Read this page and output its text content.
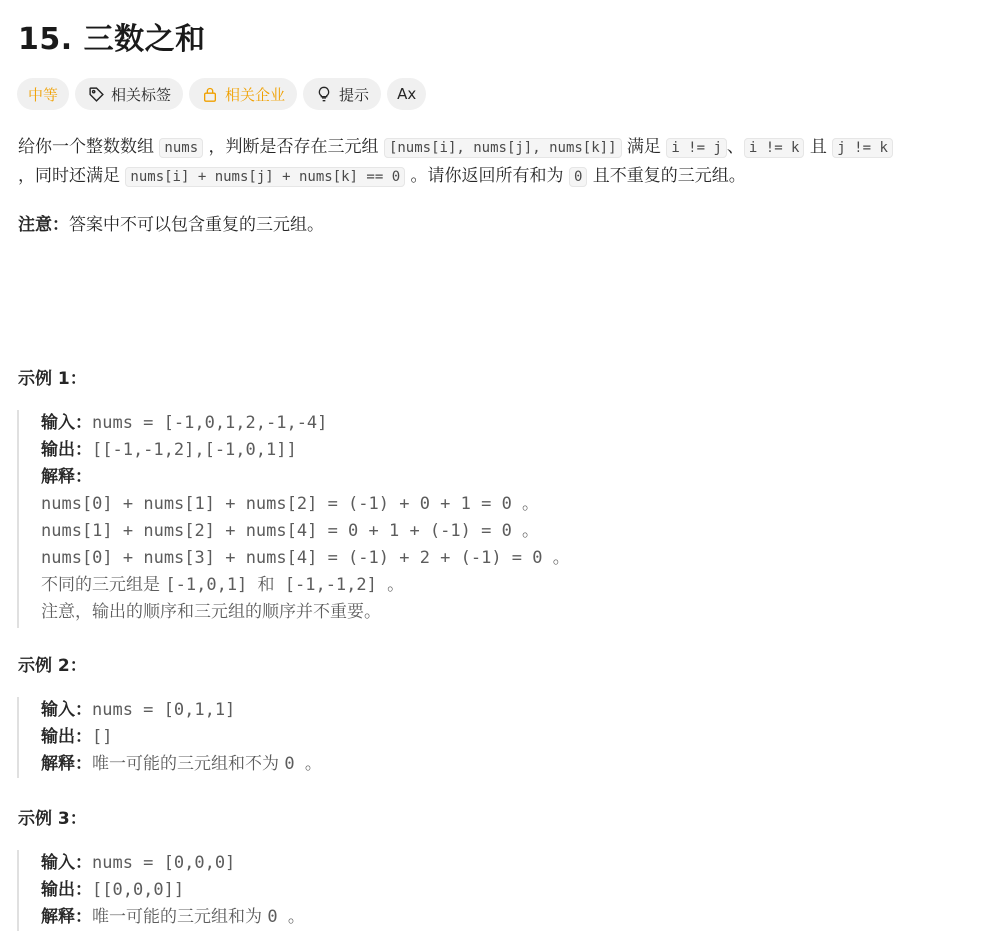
15. 三数之和
中等	相关标签	相关企业	提示 A​x
给你一个整数数组 nums ，判断是否存在三元组 [nums[i], nums[j], nums[k]] 满足 i != j 、 i != k 且 j != k
，同时还满足 nums[i] + nums[j] + nums[k] == 0 。请你返回所有和为 0 且不重复的三元组。
注意：答案中不可以包含重复的三元组。
示例 1：
输入：nums = [-1,0,1,2,-1,-4]
输出：[[-1,-1,2],[-1,0,1]]
解释：
nums[0] + nums[1] + nums[2] = (-1) + 0 + 1 = 0 。
nums[1] + nums[2] + nums[4] = 0 + 1 + (-1) = 0 。
nums[0] + nums[3] + nums[4] = (-1) + 2 + (-1) = 0 。
不同的三元组是 [-1,0,1] 和 [-1,-1,2] 。
注意，输出的顺序和三元组的顺序并不重要。
示例 2：
输入：nums = [0,1,1]
输出：[]
解释：唯一可能的三元组和不为 0 。
示例 3：
输入：nums = [0,0,0]
输出：[[0,0,0]]
解释：唯一可能的三元组和为 0 。
